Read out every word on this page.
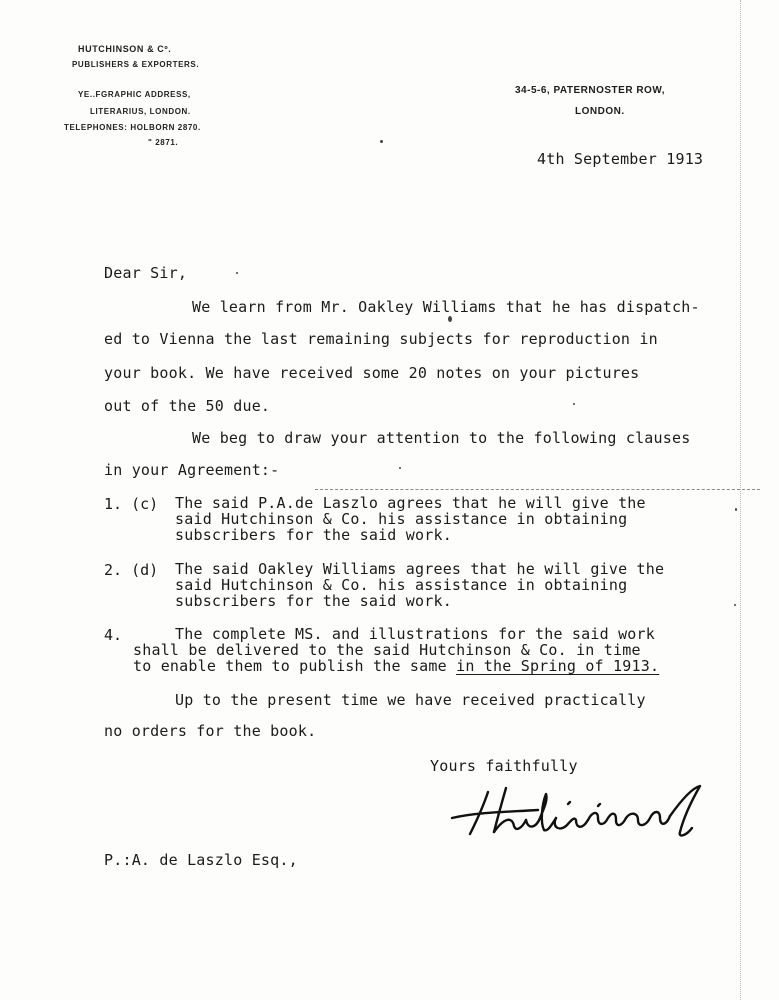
HUTCHINSON & Cº.
PUBLISHERS & EXPORTERS.
YE..FGRAPHIC ADDRESS,
LITERARIUS, LONDON.
TELEPHONES: HOLBORN 2870.
" 2871.
34-5-6, PATERNOSTER ROW,
LONDON.
4th September 1913
Dear Sir,
We learn from Mr. Oakley Williams that he has dispatch-
ed to Vienna the last remaining subjects for reproduction in
your book. We have received some 20 notes on your pictures
out of the 50 due.
We beg to draw your attention to the following clauses
in your Agreement:-
1. (c) The said P.A.de Laszlo agrees that he will give the
said Hutchinson & Co. his assistance in obtaining
subscribers for the said work.
2. (d) The said Oakley Williams agrees that he will give the
said Hutchinson & Co. his assistance in obtaining
subscribers for the said work.
4.	The complete MS. and illustrations for the said work
shall be delivered to the said Hutchinson & Co. in time
to enable them to publish the same in the Spring of 1913.
Up to the present time we have received practically
no orders for the book.
Yours faithfully
P.:A. de Laszlo Esq.,
